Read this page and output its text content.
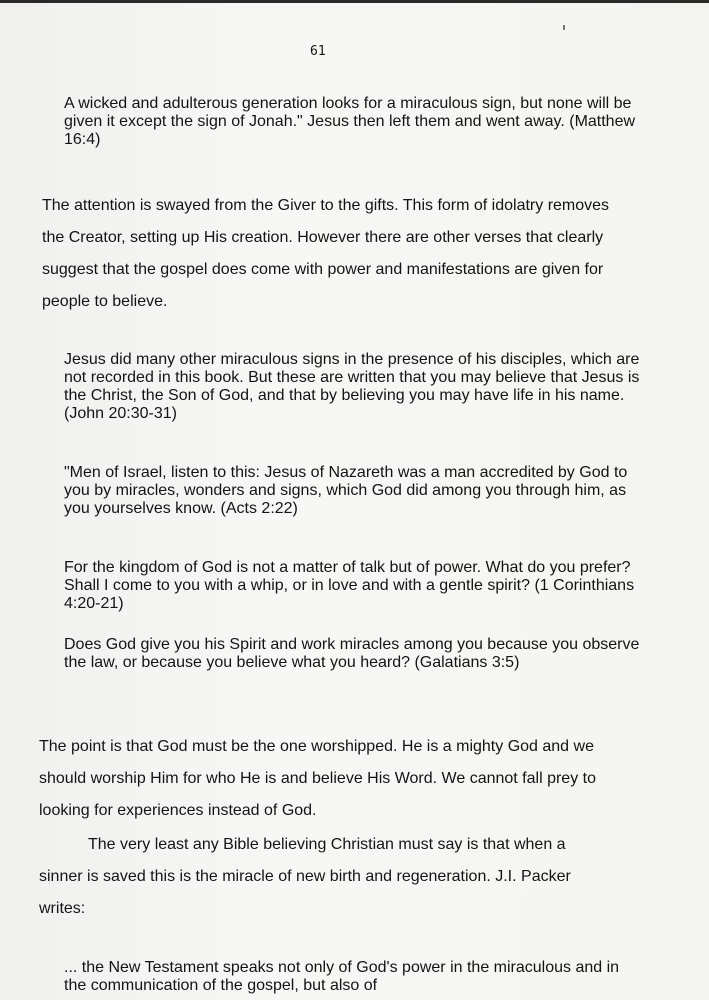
61

A wicked and adulterous generation looks for a miraculous sign, but none will be given it except the sign of Jonah." Jesus then left them and went away. (Matthew 16:4)

The attention is swayed from the Giver to the gifts. This form of idolatry removes the Creator, setting up His creation. However there are other verses that clearly suggest that the gospel does come with power and manifestations are given for people to believe.

Jesus did many other miraculous signs in the presence of his disciples, which are not recorded in this book. But these are written that you may believe that Jesus is the Christ, the Son of God, and that by believing you may have life in his name. (John 20:30-31)

"Men of Israel, listen to this: Jesus of Nazareth was a man accredited by God to you by miracles, wonders and signs, which God did among you through him, as you yourselves know. (Acts 2:22)

For the kingdom of God is not a matter of talk but of power. What do you prefer? Shall I come to you with a whip, or in love and with a gentle spirit? (1 Corinthians 4:20-21)

Does God give you his Spirit and work miracles among you because you observe the law, or because you believe what you heard? (Galatians 3:5)

The point is that God must be the one worshipped. He is a mighty God and we should worship Him for who He is and believe His Word. We cannot fall prey to looking for experiences instead of God.

The very least any Bible believing Christian must say is that when a sinner is saved this is the miracle of new birth and regeneration. J.I. Packer writes:

... the New Testament speaks not only of God's power in the miraculous and in the communication of the gospel, but also of
